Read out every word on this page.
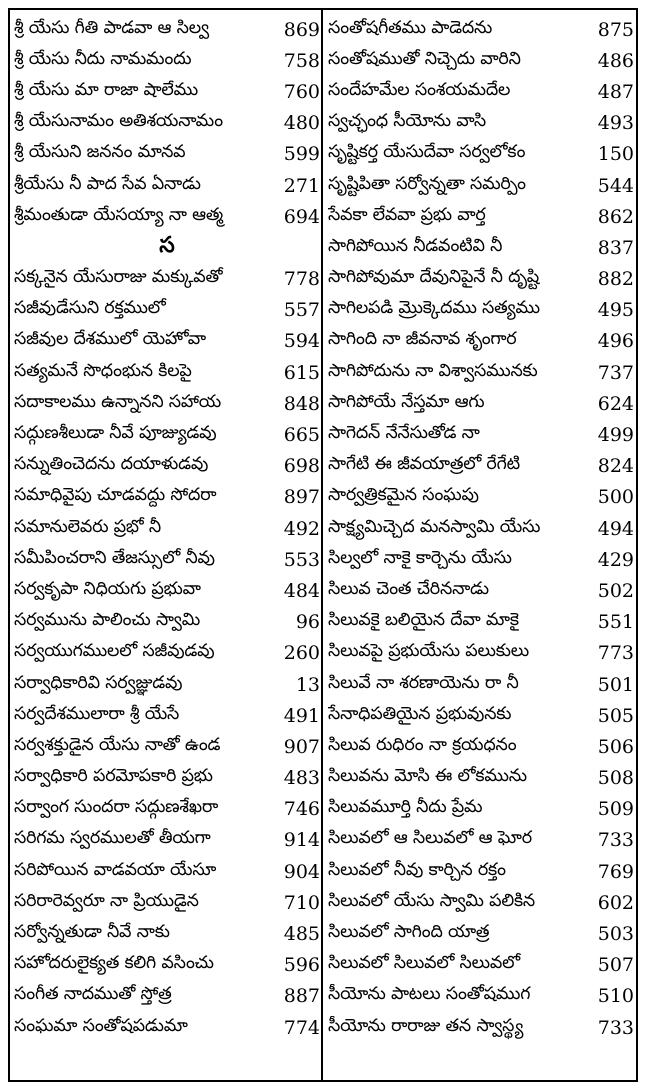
శ్రీ యేసు గీతి పాడవా ఆ సిల్వ	869
శ్రీ యేసు నీదు నామమందు	758
శ్రీ యేసు మా రాజా షాలేము	760
శ్రీ యేసునామం అతిశయనామం	480
శ్రీ యేసుని జననం మానవ	599
శ్రీయేసు నీ పాద సేవ ఏనాడు	271
శ్రీమంతుడా యేసయ్యా నా ఆత్మ	694
స
సక్కనైన యేసురాజు మక్కువతో	778
సజీవుడేసుని రక్తములో	557
సజీవుల దేశములో యెహోవా	594
సత్యమనే సొధంభున కిలపై	615
సదాకాలము ఉన్నానని సహాయ	848
సద్గుణశీలుడా నీవే పూజ్యుడవు	665
సన్నుతించెదను దయాళుడవు	698
సమాధివైపు చూడవద్దు సోదరా	897
సమానులెవరు ప్రభో నీ	492
సమీపించరాని తేజస్సులో నీవు	553
సర్వకృపా నిధియగు ప్రభువా	484
సర్వమును పాలించు స్వామి	96
సర్వయుగములలో సజీవుడవు	260
సర్వాధికారివి సర్వజ్ఞుడవు	13
సర్వదేశములారా శ్రీ యేసే	491
సర్వశక్తుడైన యేసు నాతో ఉండ	907
సర్వాధికారి పరమోపకారి ప్రభు	483
సర్వాంగ సుందరా సద్గుణశేఖరా	746
సరిగమ స్వరములతో తీయగా	914
సరిపోయిన వాడవయా యేసూ	904
సరిరారెవ్వరూ నా ప్రియుడైన	710
సర్వోన్నతుడా నీవే నాకు	485
సహోదరులైక్యత కలిగి వసించు	596
సంగీత నాదముతో స్తోత్ర	887
సంఘమా సంతోషపడుమా	774
సంతోషగీతము పాడెదను	875
సంతోషముతో నిచ్చెదు వారిని	486
సందేహమేల సంశయమదేల	487
స్వచ్ఛంధ సీయోను వాసి	493
సృష్టికర్త యేసుదేవా సర్వలోకం	150
సృష్టిపితా సర్వోన్నతా సమర్పిం	544
సేవకా లేవవా ప్రభు వార్త	862
సాగిపోయిన నీడవంటివి నీ	837
సాగిపోవుమా దేవునిపైనే నీ దృష్టి	882
సాగిలపడి మ్రొక్కెదము సత్యము	495
సాగింది నా జీవనావ శృంగార	496
సాగిపోదును నా విశ్వాసమునకు	737
సాగిపోయే నేస్తమా ఆగు	624
సాగెదన్ నేనేసుతోడ నా	499
సాగేటి ఈ జీవయాత్రలో రేగేటి	824
సార్వత్రికమైన సంఘపు	500
సాక్ష్యమిచ్చెద మనస్వామి యేసు	494
సిల్వలో నాకై కార్చెను యేసు	429
సిలువ చెంత చేరిననాడు	502
సిలువకై బలియైన దేవా మాకై	551
సిలువపై ప్రభుయేసు పలుకులు	773
సిలువే నా శరణాయెను రా నీ	501
సేనాధిపతియైన ప్రభువునకు	505
సిలువ రుధిరం నా క్రయధనం	506
సిలువను మోసి ఈ లోకమును	508
సిలువమూర్తి నీదు ప్రేమ	509
సిలువలో ఆ సిలువలో ఆ ఘోర	733
సిలువలో నీవు కార్చిన రక్తం	769
సిలువలో యేసు స్వామి పలికిన	602
సిలువలో సాగింది యాత్ర	503
సిలువలో సిలువలో సిలువలో	507
సీయోను పాటలు సంతోషముగ	510
సీయోను రారాజు తన స్వాస్థ్య	733
